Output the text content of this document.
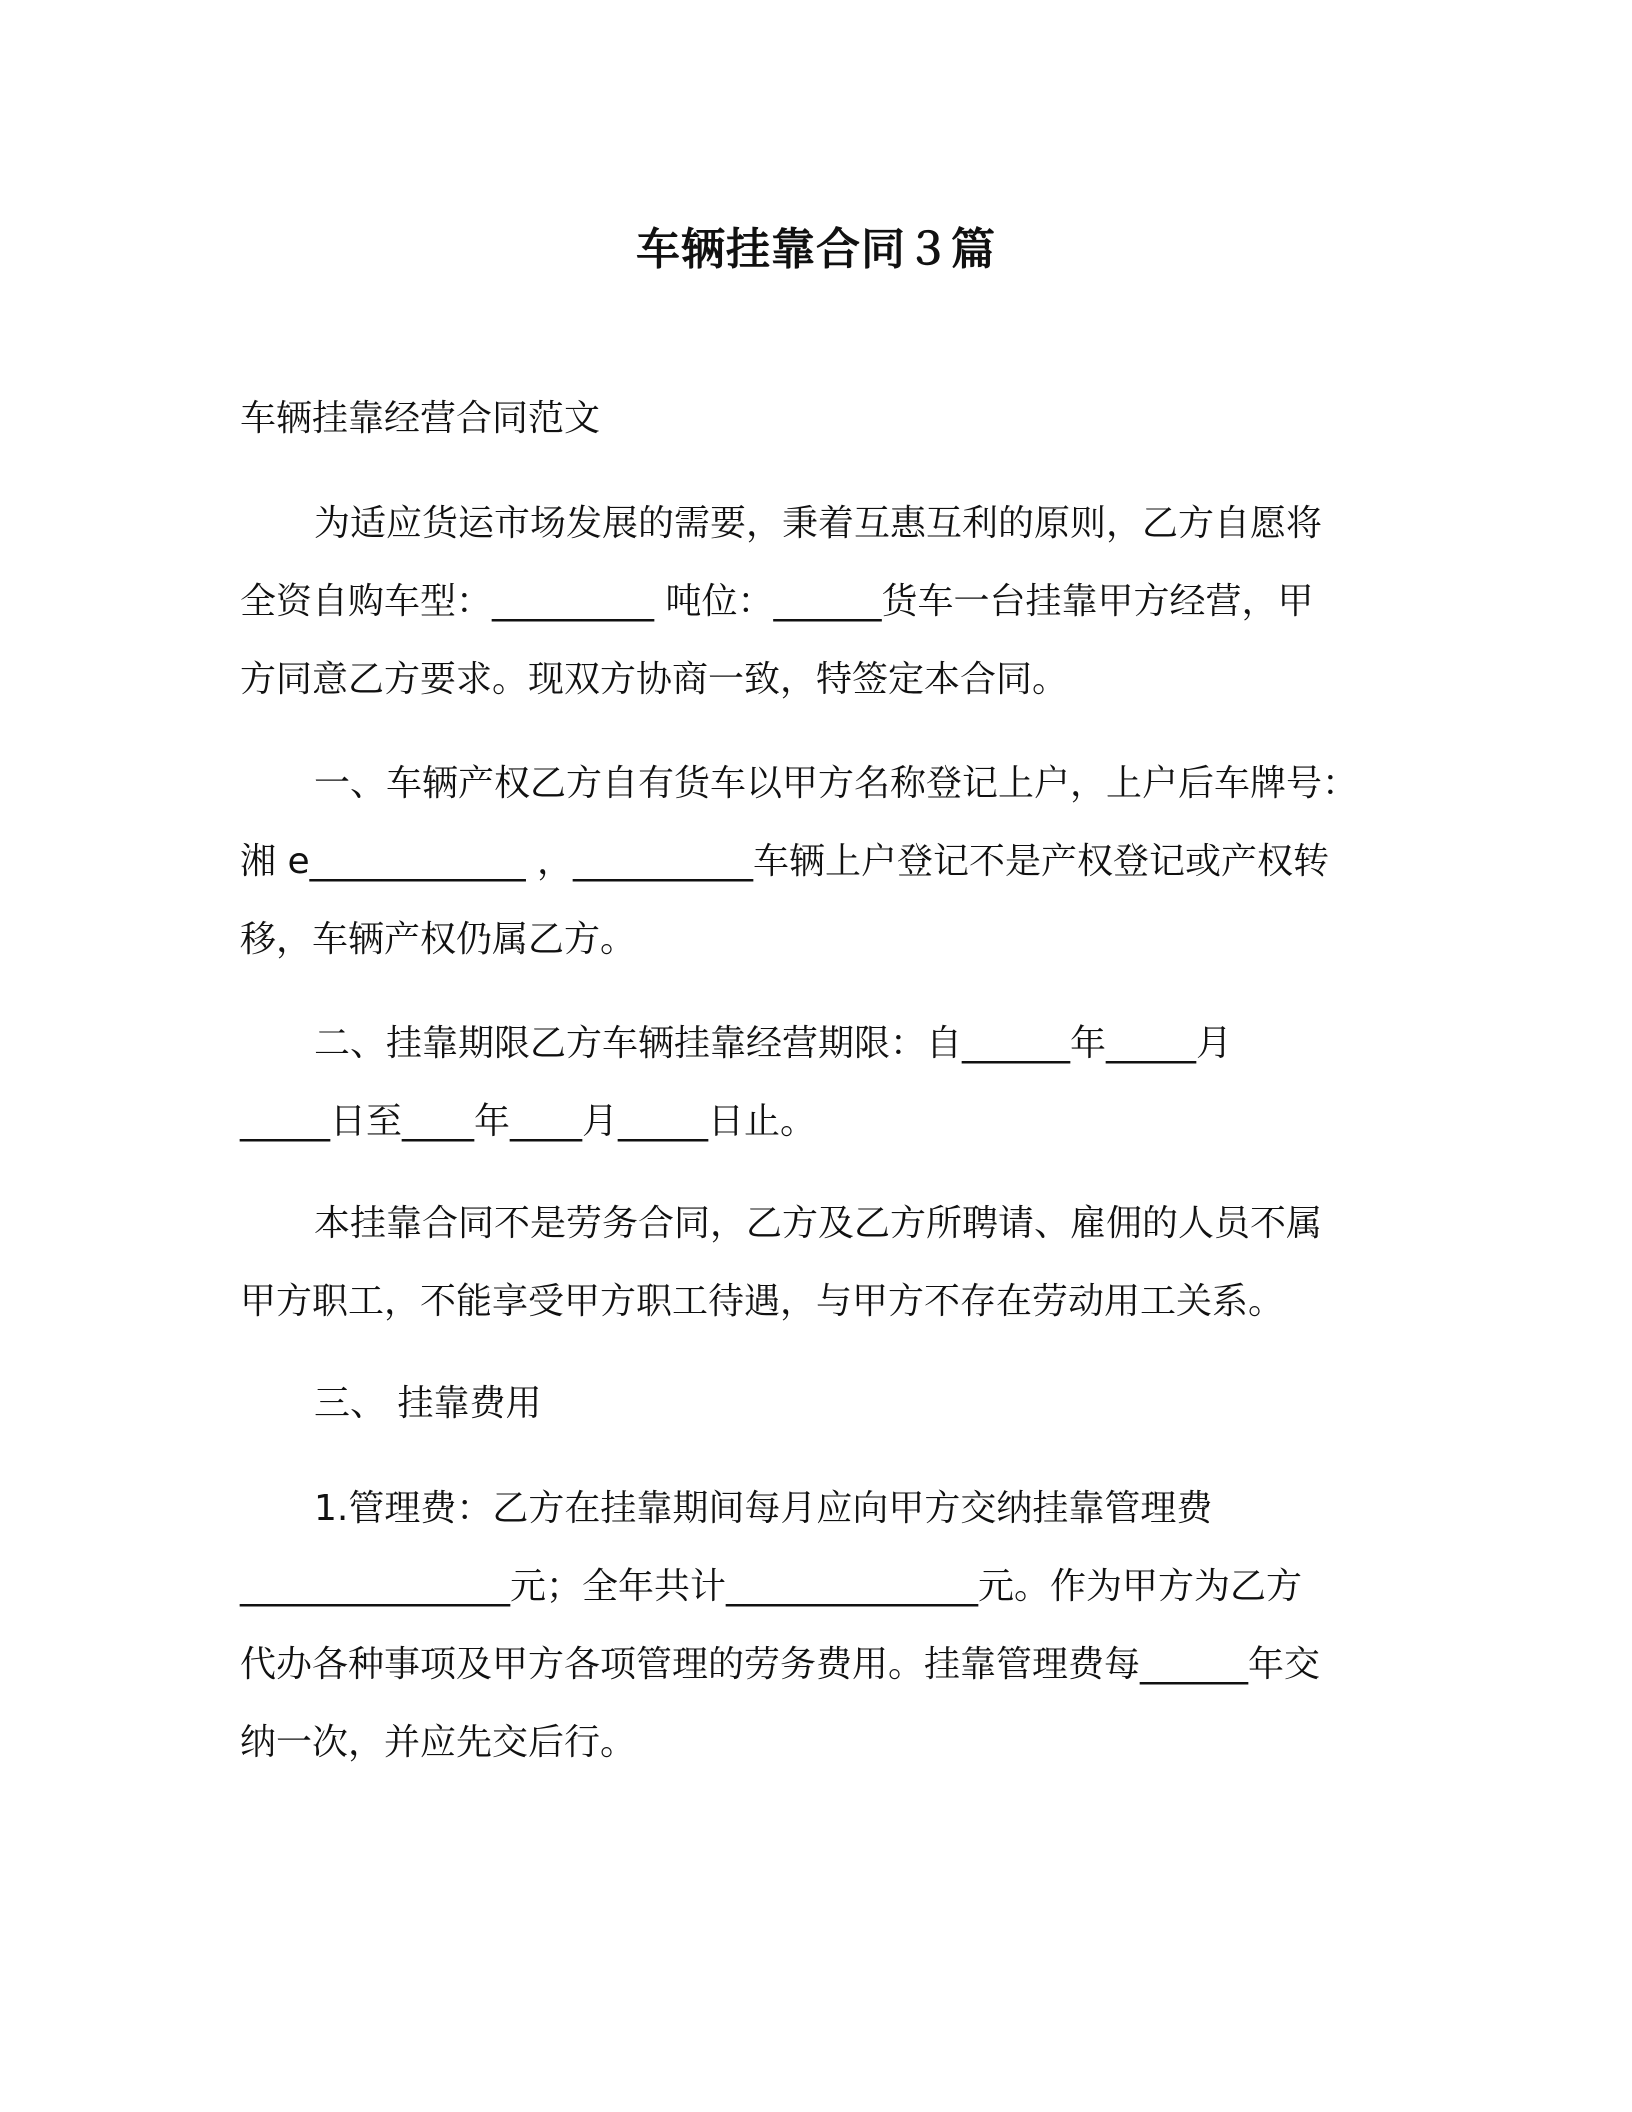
车辆挂靠合同３篇
车辆挂靠经营合同范文
为适应货运市场发展的需要，秉着互惠互利的原则，乙方自愿将
全资自购车型：_________ 吨位：______货车一台挂靠甲方经营，甲
方同意乙方要求。现双方协商一致，特签定本合同。
一、车辆产权乙方自有货车以甲方名称登记上户，上户后车牌号：
湘 e____________ ，__________车辆上户登记不是产权登记或产权转
移，车辆产权仍属乙方。
二、挂靠期限乙方车辆挂靠经营期限：自______年_____月
_____日至____年____月_____日止。
本挂靠合同不是劳务合同，乙方及乙方所聘请、雇佣的人员不属
甲方职工，不能享受甲方职工待遇，与甲方不存在劳动用工关系。
三、 挂靠费用
1.管理费：乙方在挂靠期间每月应向甲方交纳挂靠管理费
_______________元；全年共计______________元。作为甲方为乙方
代办各种事项及甲方各项管理的劳务费用。挂靠管理费每______年交
纳一次，并应先交后行。
